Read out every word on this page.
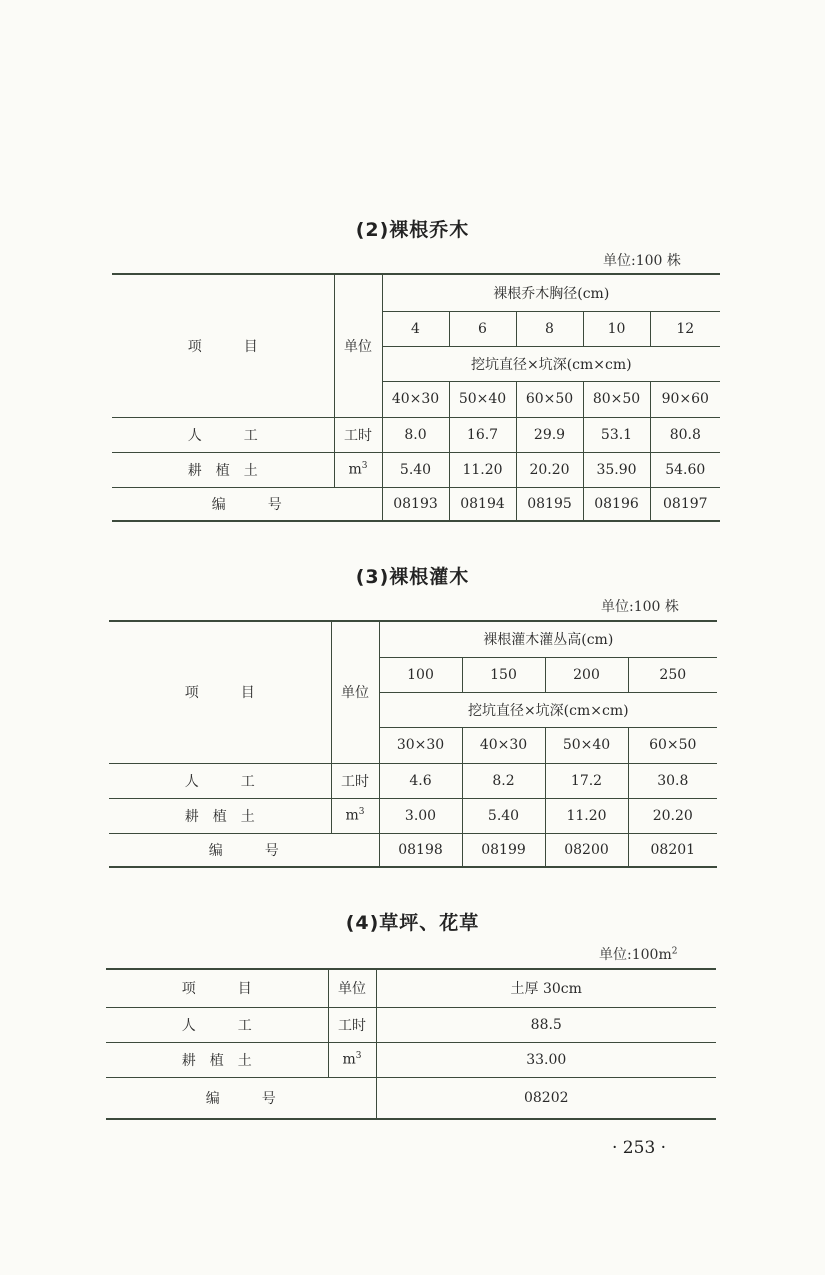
(2)裸根乔木
单位:100 株
项　　　目	单位	裸根乔木胸径(cm)				
		4	6	8	10	12
		挖坑直径×坑深(cm×cm)				
		40×30	50×40	60×50	80×50	90×60
人　　　工	工时	8.0	16.7	29.9	53.1	80.8
耕　植　土	$m^3$	5.40	11.20	20.20	35.90	54.60
编　　　号		08193	08194	08195	08196	08197
(3)裸根灌木
单位:100 株
项　　　目	单位	裸根灌木灌丛高(cm)			
		100	150	200	250
		挖坑直径×坑深(cm×cm)			
		30×30	40×30	50×40	60×50
人　　　工	工时	4.6	8.2	17.2	30.8
耕　植　土	$m^3$	3.00	5.40	11.20	20.20
编　　　号		08198	08199	08200	08201
(4)草坪、花草
单位$:100m^2$
项　　　目	单位	土厚 30cm
人　　　工	工时	88.5
耕　植　土	$m^3$	33.00
编　　　号		08202
· 253 ·
